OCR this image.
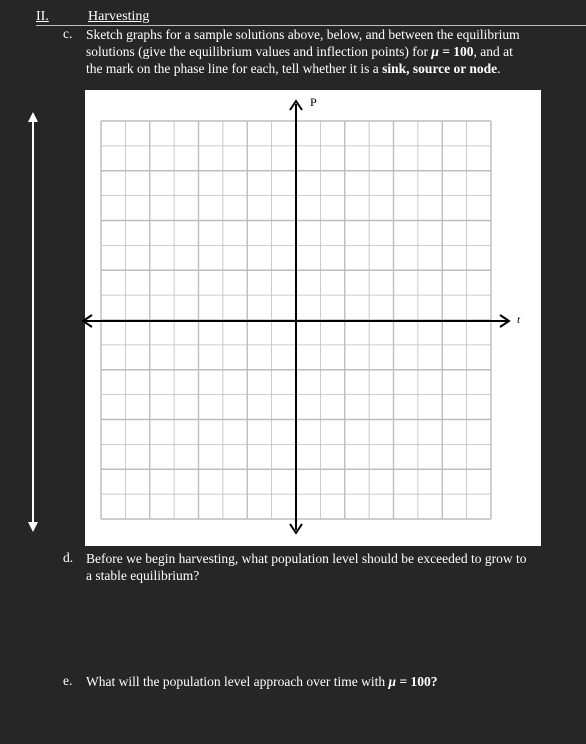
II.	Harvesting
c. Sketch graphs for a sample solutions above, below, and between the equilibrium
solutions (give the equilibrium values and inflection points) for μ = 100, and at
the mark on the phase line for each, tell whether it is a sink, source or node.
P
t
d. Before we begin harvesting, what population level should be exceeded to grow to
a stable equilibrium?
e. What will the population level approach over time with μ = 100?
